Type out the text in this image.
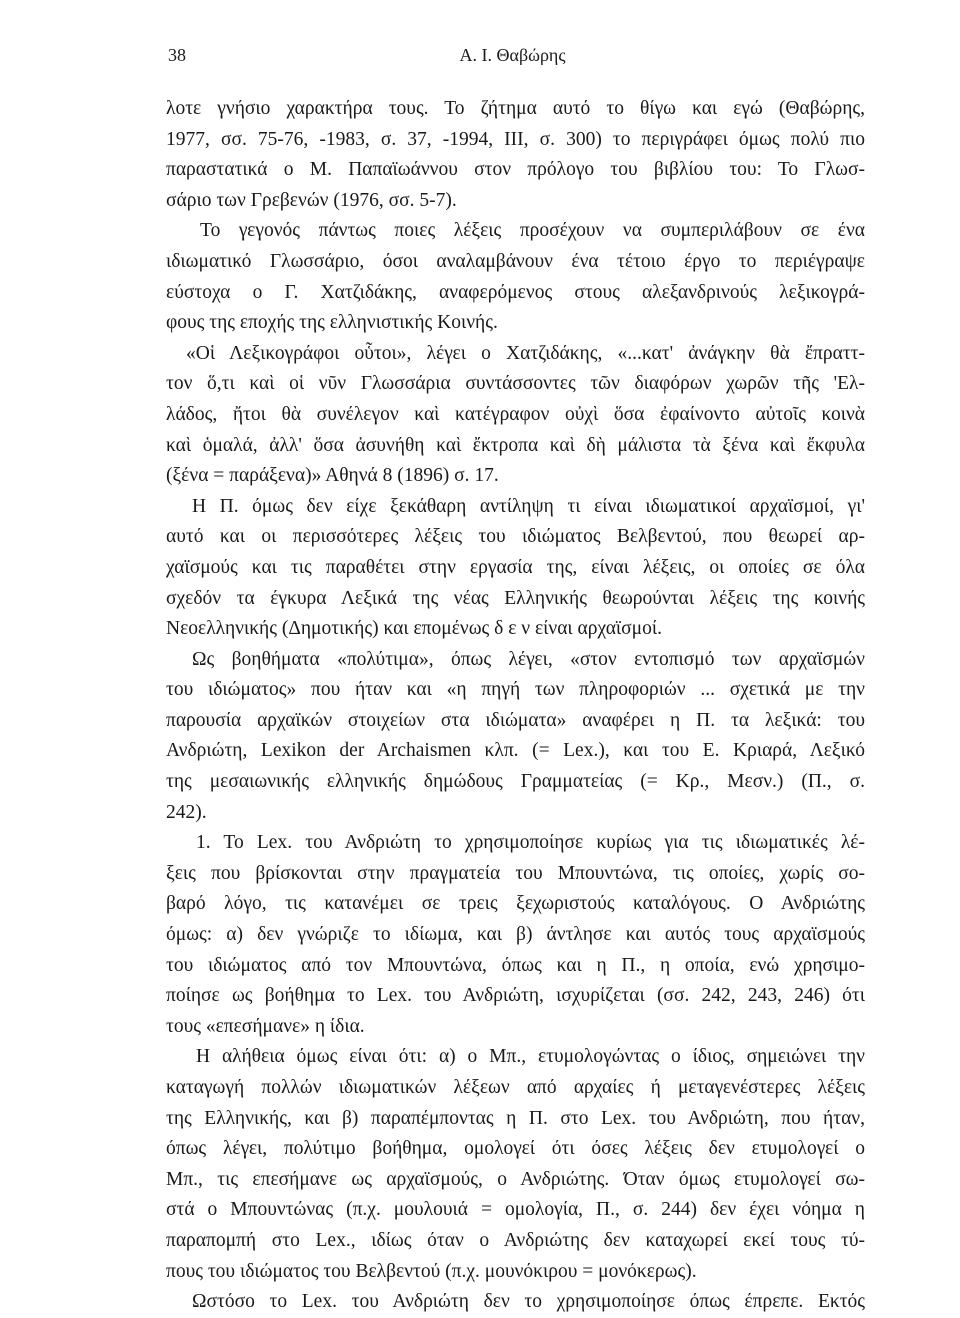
38	Α. Ι. Θαβώρης
λοτε γνήσιο χαρακτήρα τους. Το ζήτημα αυτό το θίγω και εγώ (Θαβώρης,
1977, σσ. 75-76, -1983, σ. 37, -1994, ΙΙΙ, σ. 300) το περιγράφει όμως πολύ πιο
παραστατικά ο Μ. Παπαϊωάννου στον πρόλογο του βιβλίου του: Το Γλωσ-
σάριο των Γρεβενών (1976, σσ. 5-7).
Το γεγονός πάντως ποιες λέξεις προσέχουν να συμπεριλάβουν σε ένα
ιδιωματικό Γλωσσάριο, όσοι αναλαμβάνουν ένα τέτοιο έργο το περιέγραψε
εύστοχα ο Γ. Χατζιδάκης, αναφερόμενος στους αλεξανδρινούς λεξικογρά-
φους της εποχής της ελληνιστικής Κοινής.
«Οἱ Λεξικογράφοι οὗτοι», λέγει ο Χατζιδάκης, «...κατ' ἀνάγκην θὰ ἔπραττ-
τον ὅ,τι καὶ οἱ νῦν Γλωσσάρια συντάσσοντες τῶν διαφόρων χωρῶν τῆς 'Ελ-
λάδος, ἤτοι θὰ συνέλεγον καὶ κατέγραφον οὐχὶ ὅσα ἐφαίνοντο αὐτοῖς κοινὰ
καὶ ὁμαλά, ἀλλ' ὅσα ἀσυνήθη καὶ ἔκτροπα καὶ δὴ μάλιστα τὰ ξένα καὶ ἔκφυλα
(ξένα = παράξενα)» Αθηνά 8 (1896) σ. 17.
Η Π. όμως δεν είχε ξεκάθαρη αντίληψη τι είναι ιδιωματικοί αρχαϊσμοί, γι'
αυτό και οι περισσότερες λέξεις του ιδιώματος Βελβεντού, που θεωρεί αρ-
χαϊσμούς και τις παραθέτει στην εργασία της, είναι λέξεις, οι οποίες σε όλα
σχεδόν τα έγκυρα Λεξικά της νέας Ελληνικής θεωρούνται λέξεις της κοινής
Νεοελληνικής (Δημοτικής) και επομένως δ ε ν είναι αρχαϊσμοί.
Ως βοηθήματα «πολύτιμα», όπως λέγει, «στον εντοπισμό των αρχαϊσμών
του ιδιώματος» που ήταν και «η πηγή των πληροφοριών ... σχετικά με την
παρουσία αρχαϊκών στοιχείων στα ιδιώματα» αναφέρει η Π. τα λεξικά: του
Ανδριώτη, Lexikon der Archaismen κλπ. (= Lex.), και του Ε. Κριαρά, Λεξικό
της μεσαιωνικής ελληνικής δημώδους Γραμματείας (= Κρ., Μεσν.) (Π., σ.
242).
1. Το Lex. του Ανδριώτη το χρησιμοποίησε κυρίως για τις ιδιωματικές λέ-
ξεις που βρίσκονται στην πραγματεία του Μπουντώνα, τις οποίες, χωρίς σο-
βαρό λόγο, τις κατανέμει σε τρεις ξεχωριστούς καταλόγους. Ο Ανδριώτης
όμως: α) δεν γνώριζε το ιδίωμα, και β) άντλησε και αυτός τους αρχαϊσμούς
του ιδιώματος από τον Μπουντώνα, όπως και η Π., η οποία, ενώ χρησιμο-
ποίησε ως βοήθημα το Lex. του Ανδριώτη, ισχυρίζεται (σσ. 242, 243, 246) ότι
τους «επεσήμανε» η ίδια.
Η αλήθεια όμως είναι ότι: α) ο Μπ., ετυμολογώντας ο ίδιος, σημειώνει την
καταγωγή πολλών ιδιωματικών λέξεων από αρχαίες ή μεταγενέστερες λέξεις
της Ελληνικής, και β) παραπέμποντας η Π. στο Lex. του Ανδριώτη, που ήταν,
όπως λέγει, πολύτιμο βοήθημα, ομολογεί ότι όσες λέξεις δεν ετυμολογεί ο
Μπ., τις επεσήμανε ως αρχαϊσμούς, ο Ανδριώτης. Όταν όμως ετυμολογεί σω-
στά ο Μπουντώνας (π.χ. μουλουιά = ομολογία, Π., σ. 244) δεν έχει νόημα η
παραπομπή στο Lex., ιδίως όταν ο Ανδριώτης δεν καταχωρεί εκεί τους τύ-
πους του ιδιώματος του Βελβεντού (π.χ. μουνόκιρου = μονόκερως).
Ωστόσο το Lex. του Ανδριώτη δεν το χρησιμοποίησε όπως έπρεπε. Εκτός
